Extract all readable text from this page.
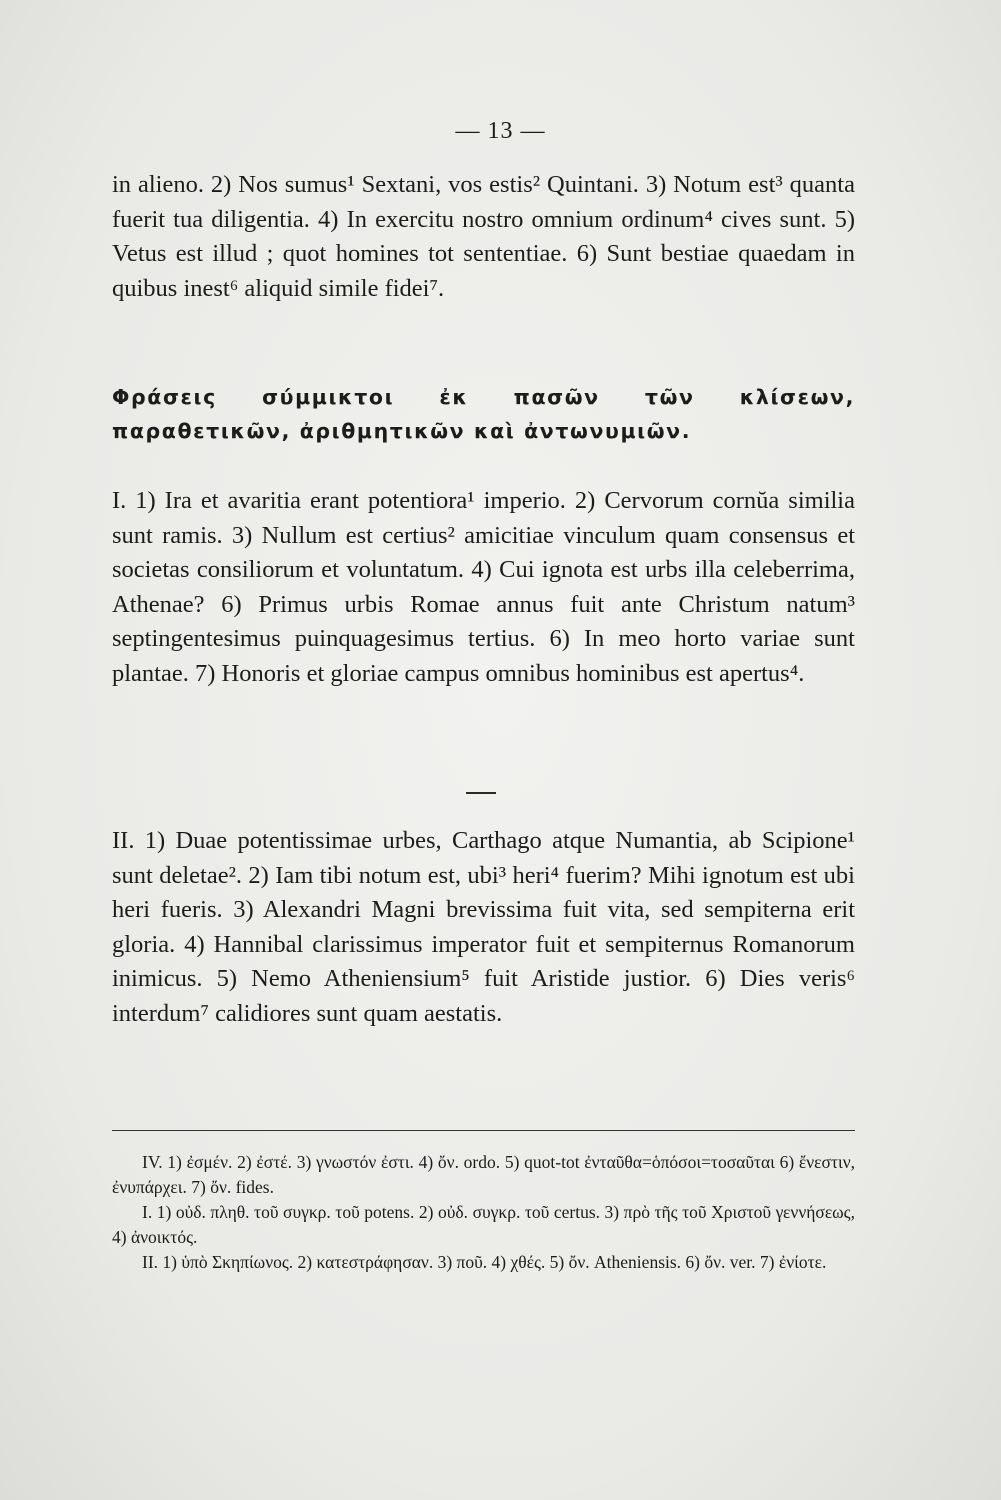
— 13 —

in alieno. 2) Nos sumus¹ Sextani, vos estis² Quintani. 3) Notum est³ quanta fuerit tua diligentia. 4) In exercitu nostro omnium ordinum⁴ cives sunt. 5) Vetus est illud ; quot homines tot sententiae. 6) Sunt bestiae quaedam in quibus inest⁶ aliquid simile fidei⁷.

Φράσεις σύμμικτοι ἐκ πασῶν τῶν κλίσεων, παραθετικῶν, ἀριθμητικῶν καὶ ἀντωνυμιῶν.

I. 1) Ira et avaritia erant potentiora¹ imperio. 2) Cervorum cornŭa similia sunt ramis. 3) Nullum est certius² amicitiae vinculum quam consensus et societas consiliorum et voluntatum. 4) Cui ignota est urbs illa celeberrima, Athenae? 6) Primus urbis Romae annus fuit ante Christum natum³ septingentesimus puinquagesimus tertius. 6) In meo horto variae sunt plantae. 7) Honoris et gloriae campus omnibus hominibus est apertus⁴.

II. 1) Duae potentissimae urbes, Carthago atque Numantia, ab Scipione¹ sunt deletae². 2) Iam tibi notum est, ubi³ heri⁴ fuerim? Mihi ignotum est ubi heri fueris. 3) Alexandri Magni brevissima fuit vita, sed sempiterna erit gloria. 4) Hannibal clarissimus imperator fuit et sempiternus Romanorum inimicus. 5) Nemo Atheniensium⁵ fuit Aristide justior. 6) Dies veris⁶ interdum⁷ calidiores sunt quam aestatis.

IV. 1) ἐσμέν. 2) ἐστέ. 3) γνωστόν ἐστι. 4) ὄν. ordo. 5) quot-tot ἐνταῦθα=ὁπόσοι=τοσαῦται 6) ἔνεστιν, ἐνυπάρχει. 7) ὄν. fides.

I. 1) οὐδ. πληθ. τοῦ συγκρ. τοῦ potens. 2) οὐδ. συγκρ. τοῦ certus. 3) πρὸ τῆς τοῦ Χριστοῦ γεννήσεως, 4) ἀνοικτός.

II. 1) ὑπὸ Σκηπίωνος. 2) κατεστράφησαν. 3) ποῦ. 4) χθές. 5) ὄν. Atheniensis. 6) ὄν. ver. 7) ἐνίοτε.
